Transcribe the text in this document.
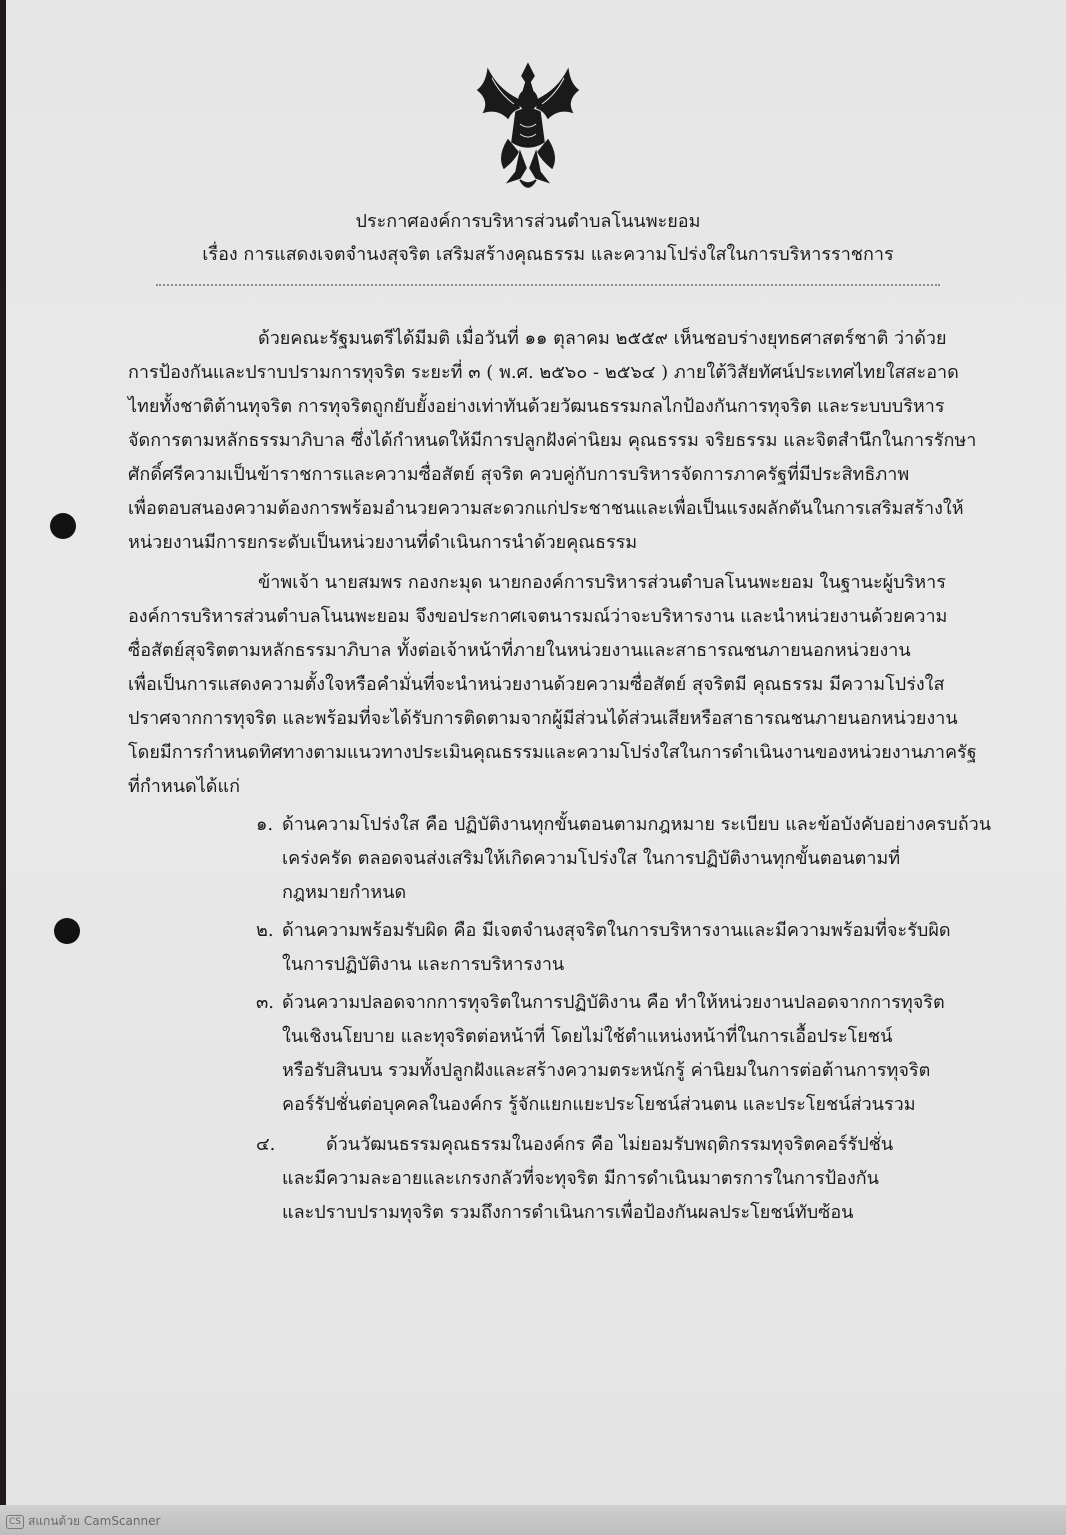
ประกาศองค์การบริหารส่วนตำบลโนนพะยอม
เรื่อง การแสดงเจตจำนงสุจริต เสริมสร้างคุณธรรม และความโปร่งใสในการบริหารราชการ
ด้วยคณะรัฐมนตรีได้มีมติ เมื่อวันที่ ๑๑ ตุลาคม ๒๕๕๙ เห็นชอบร่างยุทธศาสตร์ชาติ ว่าด้วย
การป้องกันและปราบปรามการทุจริต ระยะที่ ๓ ( พ.ศ. ๒๕๖๐ - ๒๕๖๔ ) ภายใต้วิสัยทัศน์ประเทศไทยใสสะอาด
ไทยทั้งชาติต้านทุจริต การทุจริตถูกยับยั้งอย่างเท่าทันด้วยวัฒนธรรมกลไกป้องกันการทุจริต และระบบบริหาร
จัดการตามหลักธรรมาภิบาล ซึ่งได้กำหนดให้มีการปลูกฝังค่านิยม คุณธรรม จริยธรรม และจิตสำนึกในการรักษา
ศักดิ์ศรีความเป็นข้าราชการและความซื่อสัตย์ สุจริต ควบคู่กับการบริหารจัดการภาครัฐที่มีประสิทธิภาพ
เพื่อตอบสนองความต้องการพร้อมอำนวยความสะดวกแก่ประชาชนและเพื่อเป็นแรงผลักดันในการเสริมสร้างให้
หน่วยงานมีการยกระดับเป็นหน่วยงานที่ดำเนินการนำด้วยคุณธรรม
ข้าพเจ้า นายสมพร กองกะมุด นายกองค์การบริหารส่วนตำบลโนนพะยอม ในฐานะผู้บริหาร
องค์การบริหารส่วนตำบลโนนพะยอม จึงขอประกาศเจตนารมณ์ว่าจะบริหารงาน และนำหน่วยงานด้วยความ
ซื่อสัตย์สุจริตตามหลักธรรมาภิบาล ทั้งต่อเจ้าหน้าที่ภายในหน่วยงานและสาธารณชนภายนอกหน่วยงาน
เพื่อเป็นการแสดงความตั้งใจหรือคำมั่นที่จะนำหน่วยงานด้วยความซื่อสัตย์ สุจริตมี คุณธรรม มีความโปร่งใส
ปราศจากการทุจริต และพร้อมที่จะได้รับการติดตามจากผู้มีส่วนได้ส่วนเสียหรือสาธารณชนภายนอกหน่วยงาน
โดยมีการกำหนดทิศทางตามแนวทางประเมินคุณธรรมและความโปร่งใสในการดำเนินงานของหน่วยงานภาครัฐ
ที่กำหนดได้แก่
๑. ด้านความโปร่งใส คือ ปฏิบัติงานทุกขั้นตอนตามกฎหมาย ระเบียบ และข้อบังคับอย่างครบถ้วน
เคร่งครัด ตลอดจนส่งเสริมให้เกิดความโปร่งใส ในการปฏิบัติงานทุกขั้นตอนตามที่
กฎหมายกำหนด
๒. ด้านความพร้อมรับผิด คือ มีเจตจำนงสุจริตในการบริหารงานและมีความพร้อมที่จะรับผิด
ในการปฏิบัติงาน และการบริหารงาน
๓. ด้วนความปลอดจากการทุจริตในการปฏิบัติงาน คือ ทำให้หน่วยงานปลอดจากการทุจริต
ในเชิงนโยบาย และทุจริตต่อหน้าที่ โดยไม่ใช้ตำแหน่งหน้าที่ในการเอื้อประโยชน์
หรือรับสินบน รวมทั้งปลูกฝังและสร้างความตระหนักรู้ ค่านิยมในการต่อต้านการทุจริต
คอร์รัปชั่นต่อบุคคลในองค์กร รู้จักแยกแยะประโยชน์ส่วนตน และประโยชน์ส่วนรวม
๔.	ด้วนวัฒนธรรมคุณธรรมในองค์กร คือ ไม่ยอมรับพฤติกรรมทุจริตคอร์รัปชั่น
และมีความละอายและเกรงกลัวที่จะทุจริต มีการดำเนินมาตรการในการป้องกัน
และปราบปรามทุจริต รวมถึงการดำเนินการเพื่อป้องกันผลประโยชน์ทับซ้อน
CS สแกนด้วย CamScanner
